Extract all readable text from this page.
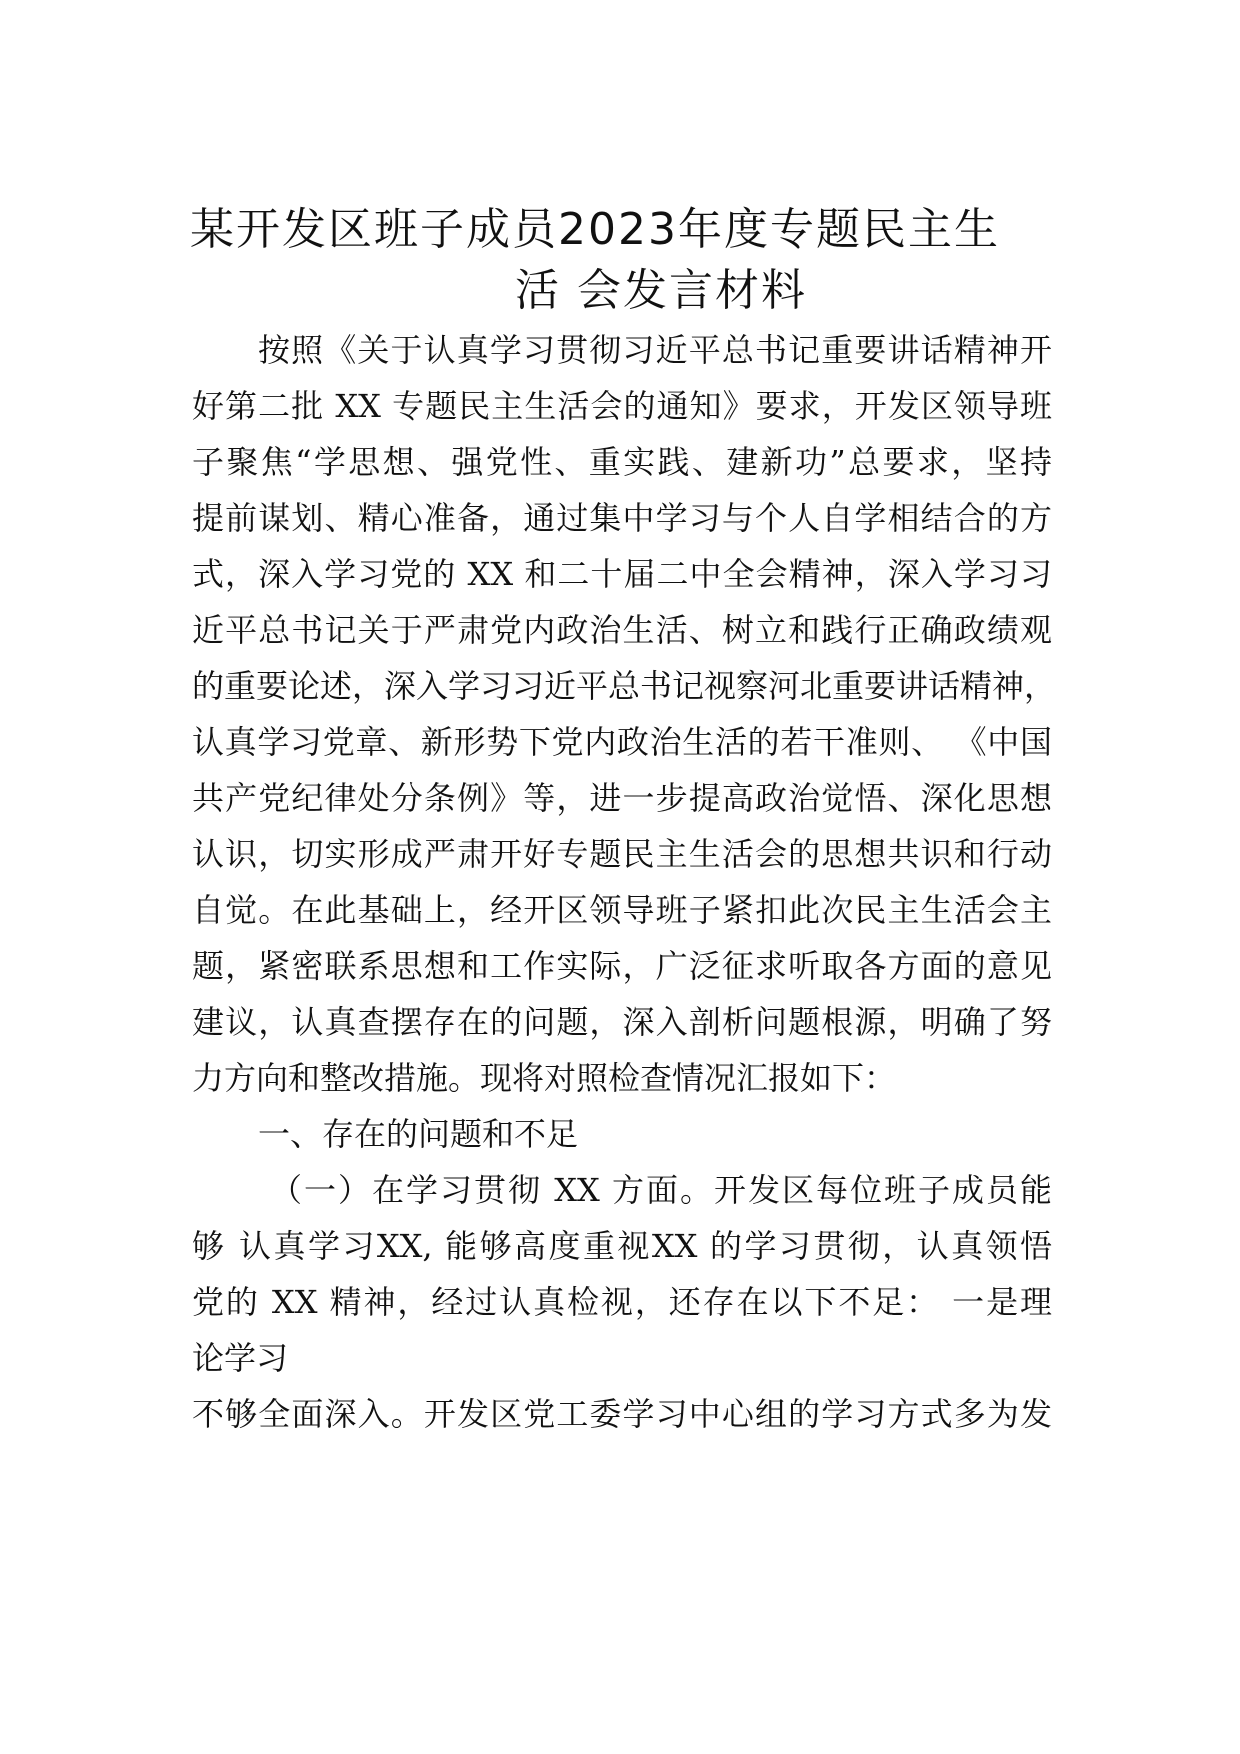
某开发区班子成员2023年度专题民主生
活 会发言材料
按照《关于认真学习贯彻习近平总书记重要讲话精神开
好第二批 XX 专题民主生活会的通知》要求，开发区领导班
子聚焦“学思想、强党性、重实践、建新功”总要求，坚持
提前谋划、精心准备，通过集中学习与个人自学相结合的方
式，深入学习党的 XX 和二十届二中全会精神，深入学习习
近平总书记关于严肃党内政治生活、树立和践行正确政绩观
的重要论述，深入学习习近平总书记视察河北重要讲话精神，
认真学习党章、新形势下党内政治生活的若干准则、 《中国
共产党纪律处分条例》等，进一步提高政治觉悟、深化思想
认识，切实形成严肃开好专题民主生活会的思想共识和行动
自觉。在此基础上，经开区领导班子紧扣此次民主生活会主
题，紧密联系思想和工作实际，广泛征求听取各方面的意见
建议，认真查摆存在的问题，深入剖析问题根源，明确了努
力方向和整改措施。现将对照检查情况汇报如下：
一、存在的问题和不足
（一）在学习贯彻 XX 方面。开发区每位班子成员能
够 认真学习XX, 能够高度重视XX 的学习贯彻，认真领悟
党的 XX 精神，经过认真检视，还存在以下不足： 一是理
论学习
不够全面深入。开发区党工委学习中心组的学习方式多为发
